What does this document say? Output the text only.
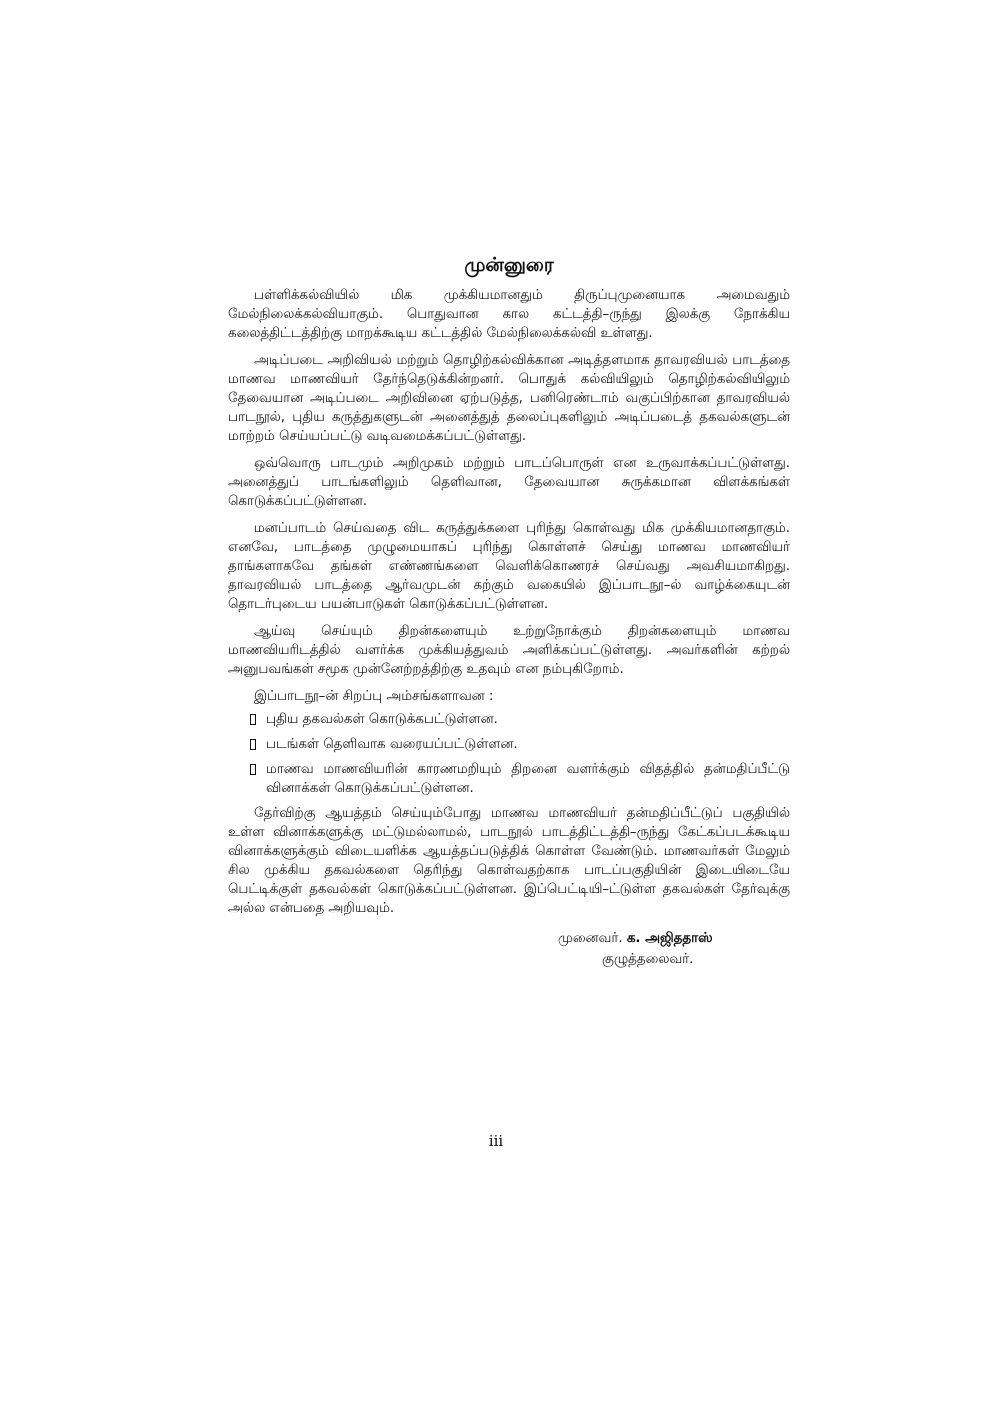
முன்னுரை

பள்ளிக்கல்வியில் மிக முக்கியமானதும் திருப்புமுனையாக அமைவதும் மேல்நிலைக்கல்வியாகும். பொதுவான கால கட்டத்தி–ருந்து இலக்கு நோக்கிய கலைத்திட்டத்திற்கு மாறக்கூடிய கட்டத்தில் மேல்நிலைக்கல்வி உள்ளது.

அடிப்படை அறிவியல் மற்றும் தொழிற்கல்விக்கான அடித்தளமாக தாவரவியல் பாடத்தை மாணவ மாணவியர் தேர்ந்தெடுக்கின்றனர். பொதுக் கல்வியிலும் தொழிற்கல்வியிலும் தேவையான அடிப்படை அறிவினை ஏற்படுத்த, பனிரெண்டாம் வகுப்பிற்கான தாவரவியல் பாடநூல், புதிய கருத்துகளுடன் அனைத்துத் தலைப்புகளிலும் அடிப்படைத் தகவல்களுடன் மாற்றம் செய்யப்பட்டு வடிவமைக்கப்பட்டுள்ளது.

ஒவ்வொரு பாடமும் அறிமுகம் மற்றும் பாடப்பொருள் என உருவாக்கப்பட்டுள்ளது. அனைத்துப் பாடங்களிலும் தெளிவான, தேவையான சுருக்கமான விளக்கங்கள் கொடுக்கப்பட்டுள்ளன.

மனப்பாடம் செய்வதை விட கருத்துக்களை புரிந்து கொள்வது மிக முக்கியமானதாகும். எனவே, பாடத்தை முழுமையாகப் புரிந்து கொள்ளச் செய்து மாணவ மாணவியர் தாங்களாகவே தங்கள் எண்ணங்களை வெளிக்கொணரச் செய்வது அவசியமாகிறது. தாவரவியல் பாடத்தை ஆர்வமுடன் கற்கும் வகையில் இப்பாடநூ–ல் வாழ்க்கையுடன் தொடர்புடைய பயன்பாடுகள் கொடுக்கப்பட்டுள்ளன.

ஆய்வு செய்யும் திறன்களையும் உற்றுநோக்கும் திறன்களையும் மாணவ மாணவியரிடத்தில் வளர்க்க முக்கியத்துவம் அளிக்கப்பட்டுள்ளது. அவர்களின் கற்றல் அனுபவங்கள் சமூக முன்னேற்றத்திற்கு உதவும் என நம்புகிறோம்.

இப்பாடநூ–ன் சிறப்பு அம்சங்களாவன :
புதிய தகவல்கள் கொடுக்கபட்டுள்ளன.
படங்கள் தெளிவாக வரையப்பட்டுள்ளன.
மாணவ மாணவியரின் காரணமறியும் திறனை வளர்க்கும் விதத்தில் தன்மதிப்பீட்டு வினாக்கள் கொடுக்கப்பட்டுள்ளன.

தேர்விற்கு ஆயத்தம் செய்யும்போது மாணவ மாணவியர் தன்மதிப்பீட்டுப் பகுதியில் உள்ள வினாக்களுக்கு மட்டுமல்லாமல், பாடநூல் பாடத்திட்டத்தி–ருந்து கேட்கப்படக்கூடிய வினாக்களுக்கும் விடையளிக்க ஆயத்தப்படுத்திக் கொள்ள வேண்டும். மாணவர்கள் மேலும் சில முக்கிய தகவல்களை தெரிந்து கொள்வதற்காக பாடப்பகுதியின் இடையிடையே பெட்டிக்குள் தகவல்கள் கொடுக்கப்பட்டுள்ளன. இப்பெட்டியி–ட்டுள்ள தகவல்கள் தேர்வுக்கு அல்ல என்பதை அறியவும்.

முனைவர். க. அஜிததாஸ்
குழுத்தலைவர்.
iii
